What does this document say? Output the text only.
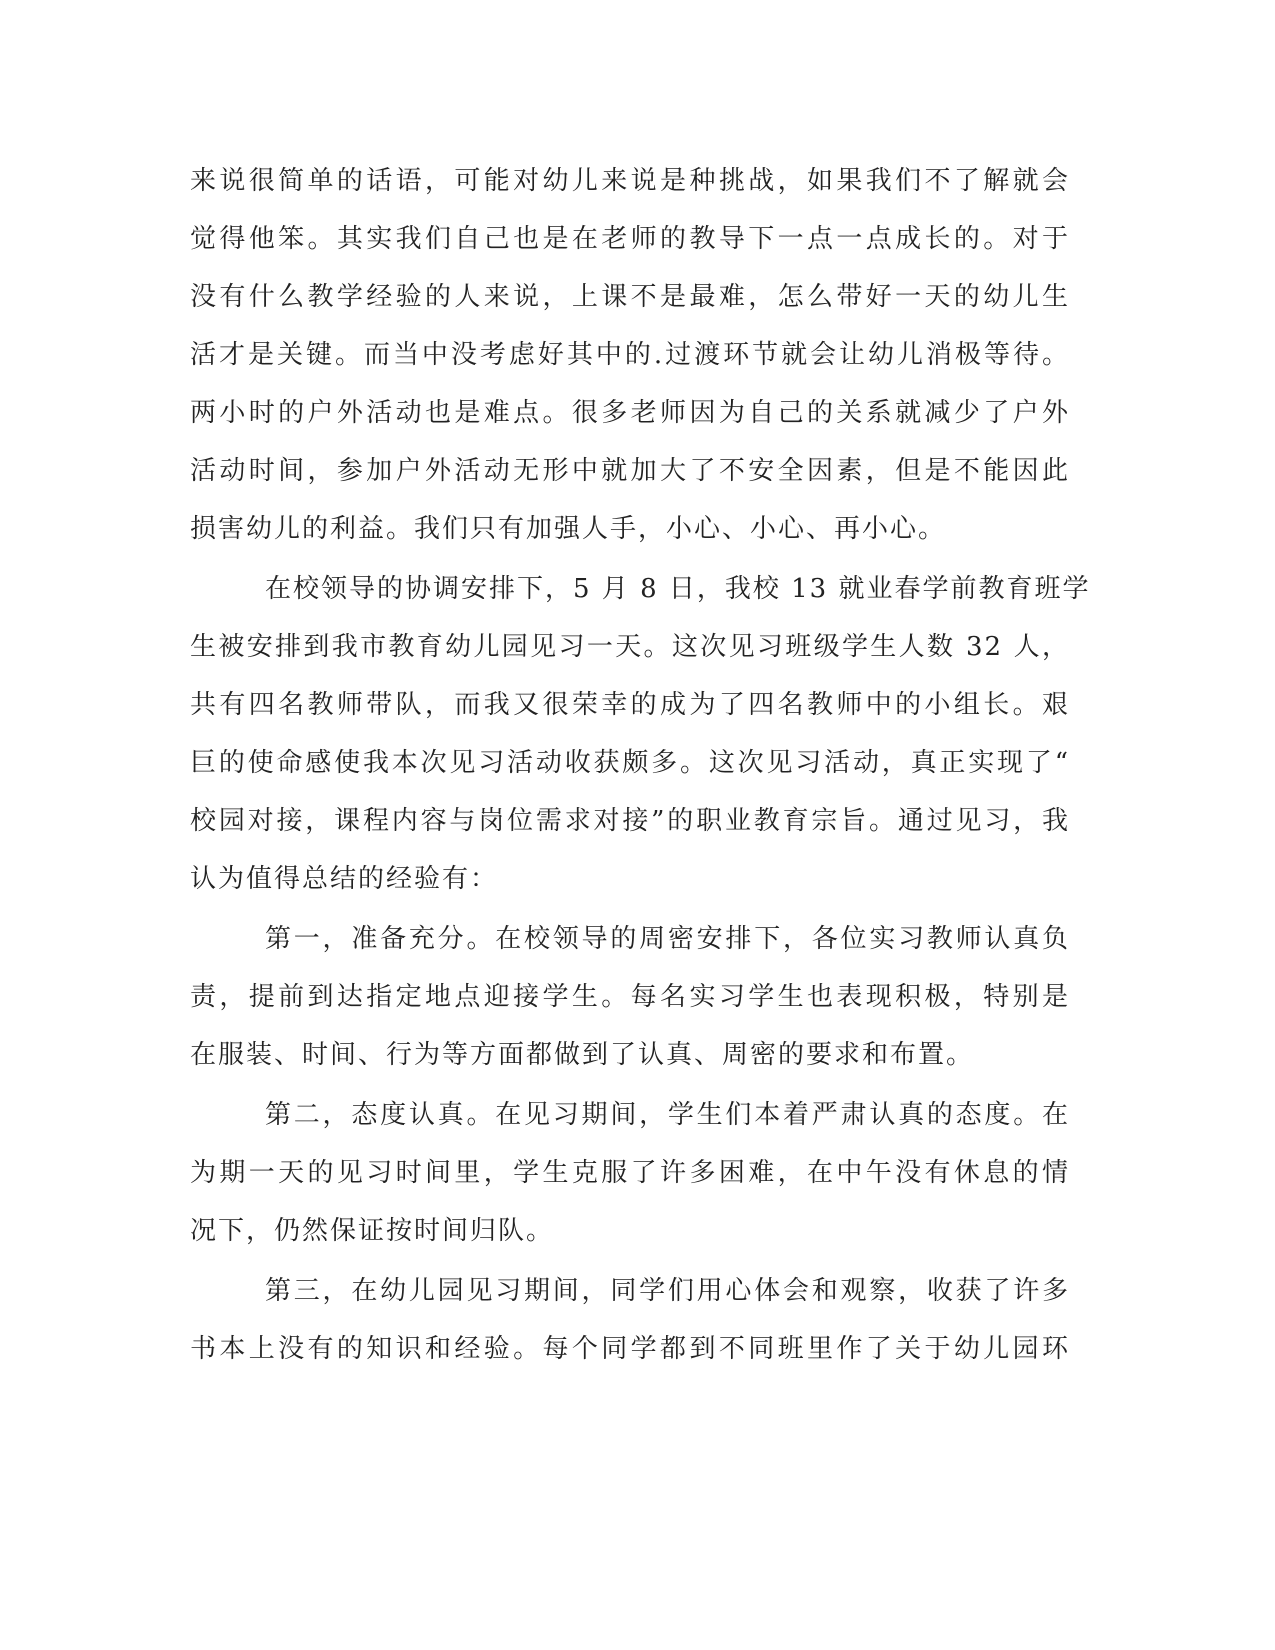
来说很简单的话语，可能对幼儿来说是种挑战，如果我们不了解就会
觉得他笨。其实我们自己也是在老师的教导下一点一点成长的。对于
没有什么教学经验的人来说，上课不是最难，怎么带好一天的幼儿生
活才是关键。而当中没考虑好其中的.过渡环节就会让幼儿消极等待。
两小时的户外活动也是难点。很多老师因为自己的关系就减少了户外
活动时间，参加户外活动无形中就加大了不安全因素，但是不能因此
损害幼儿的利益。我们只有加强人手，小心、小心、再小心。
在校领导的协调安排下，5 月 8 日，我校 13 就业春学前教育班学
生被安排到我市教育幼儿园见习一天。这次见习班级学生人数 32 人，
共有四名教师带队，而我又很荣幸的成为了四名教师中的小组长。艰
巨的使命感使我本次见习活动收获颇多。这次见习活动，真正实现了“
校园对接，课程内容与岗位需求对接”的职业教育宗旨。通过见习，我
认为值得总结的经验有：
第一，准备充分。在校领导的周密安排下，各位实习教师认真负
责，提前到达指定地点迎接学生。每名实习学生也表现积极，特别是
在服装、时间、行为等方面都做到了认真、周密的要求和布置。
第二，态度认真。在见习期间，学生们本着严肃认真的态度。在
为期一天的见习时间里，学生克服了许多困难，在中午没有休息的情
况下，仍然保证按时间归队。
第三，在幼儿园见习期间，同学们用心体会和观察，收获了许多
书本上没有的知识和经验。每个同学都到不同班里作了关于幼儿园环
